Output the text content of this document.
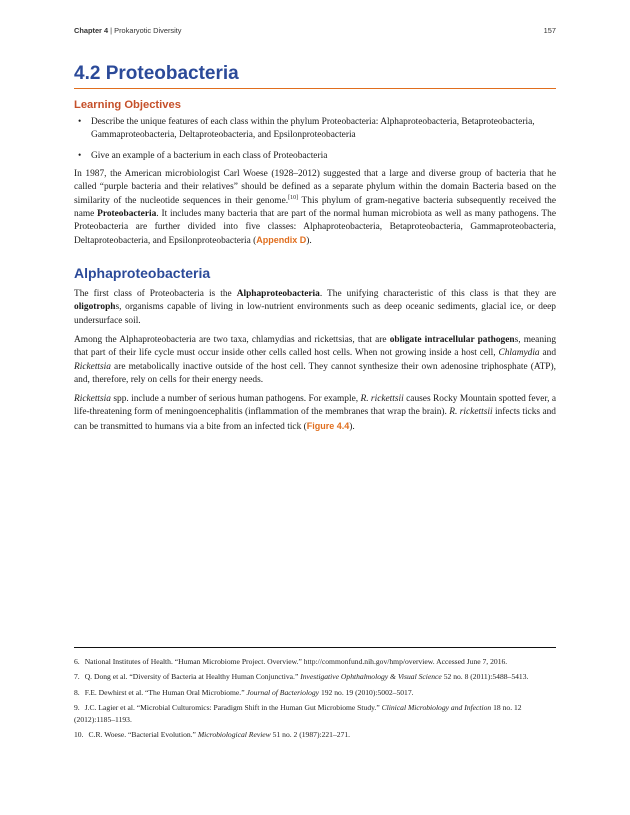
Chapter 4 | Prokaryotic Diversity	157
4.2 Proteobacteria
Learning Objectives
• Describe the unique features of each class within the phylum Proteobacteria: Alphaproteobacteria, Betaproteobacteria, Gammaproteobacteria, Deltaproteobacteria, and Epsilonproteobacteria
• Give an example of a bacterium in each class of Proteobacteria

In 1987, the American microbiologist Carl Woese (1928–2012) suggested that a large and diverse group of bacteria that he called “purple bacteria and their relatives” should be defined as a separate phylum within the domain Bacteria based on the similarity of the nucleotide sequences in their genome.[10] This phylum of gram-negative bacteria subsequently received the name Proteobacteria. It includes many bacteria that are part of the normal human microbiota as well as many pathogens. The Proteobacteria are further divided into five classes: Alphaproteobacteria, Betaproteobacteria, Gammaproteobacteria, Deltaproteobacteria, and Epsilonproteobacteria (Appendix D).

Alphaproteobacteria

The first class of Proteobacteria is the Alphaproteobacteria. The unifying characteristic of this class is that they are oligotrophs, organisms capable of living in low-nutrient environments such as deep oceanic sediments, glacial ice, or deep undersurface soil.

Among the Alphaproteobacteria are two taxa, chlamydias and rickettsias, that are obligate intracellular pathogens, meaning that part of their life cycle must occur inside other cells called host cells. When not growing inside a host cell, Chlamydia and Rickettsia are metabolically inactive outside of the host cell. They cannot synthesize their own adenosine triphosphate (ATP), and, therefore, rely on cells for their energy needs.

Rickettsia spp. include a number of serious human pathogens. For example, R. rickettsii causes Rocky Mountain spotted fever, a life-threatening form of meningoencephalitis (inflammation of the membranes that wrap the brain). R. rickettsii infects ticks and can be transmitted to humans via a bite from an infected tick (Figure 4.4).

6. National Institutes of Health. “Human Microbiome Project. Overview.” http://commonfund.nih.gov/hmp/overview. Accessed June 7, 2016.
7. Q. Dong et al. “Diversity of Bacteria at Healthy Human Conjunctiva.” Investigative Ophthalmology & Visual Science 52 no. 8 (2011):5488–5413.
8. F.E. Dewhirst et al. “The Human Oral Microbiome.” Journal of Bacteriology 192 no. 19 (2010):5002–5017.
9. J.C. Lagier et al. “Microbial Culturomics: Paradigm Shift in the Human Gut Microbiome Study.” Clinical Microbiology and Infection 18 no. 12 (2012):1185–1193.
10. C.R. Woese. “Bacterial Evolution.” Microbiological Review 51 no. 2 (1987):221–271.
